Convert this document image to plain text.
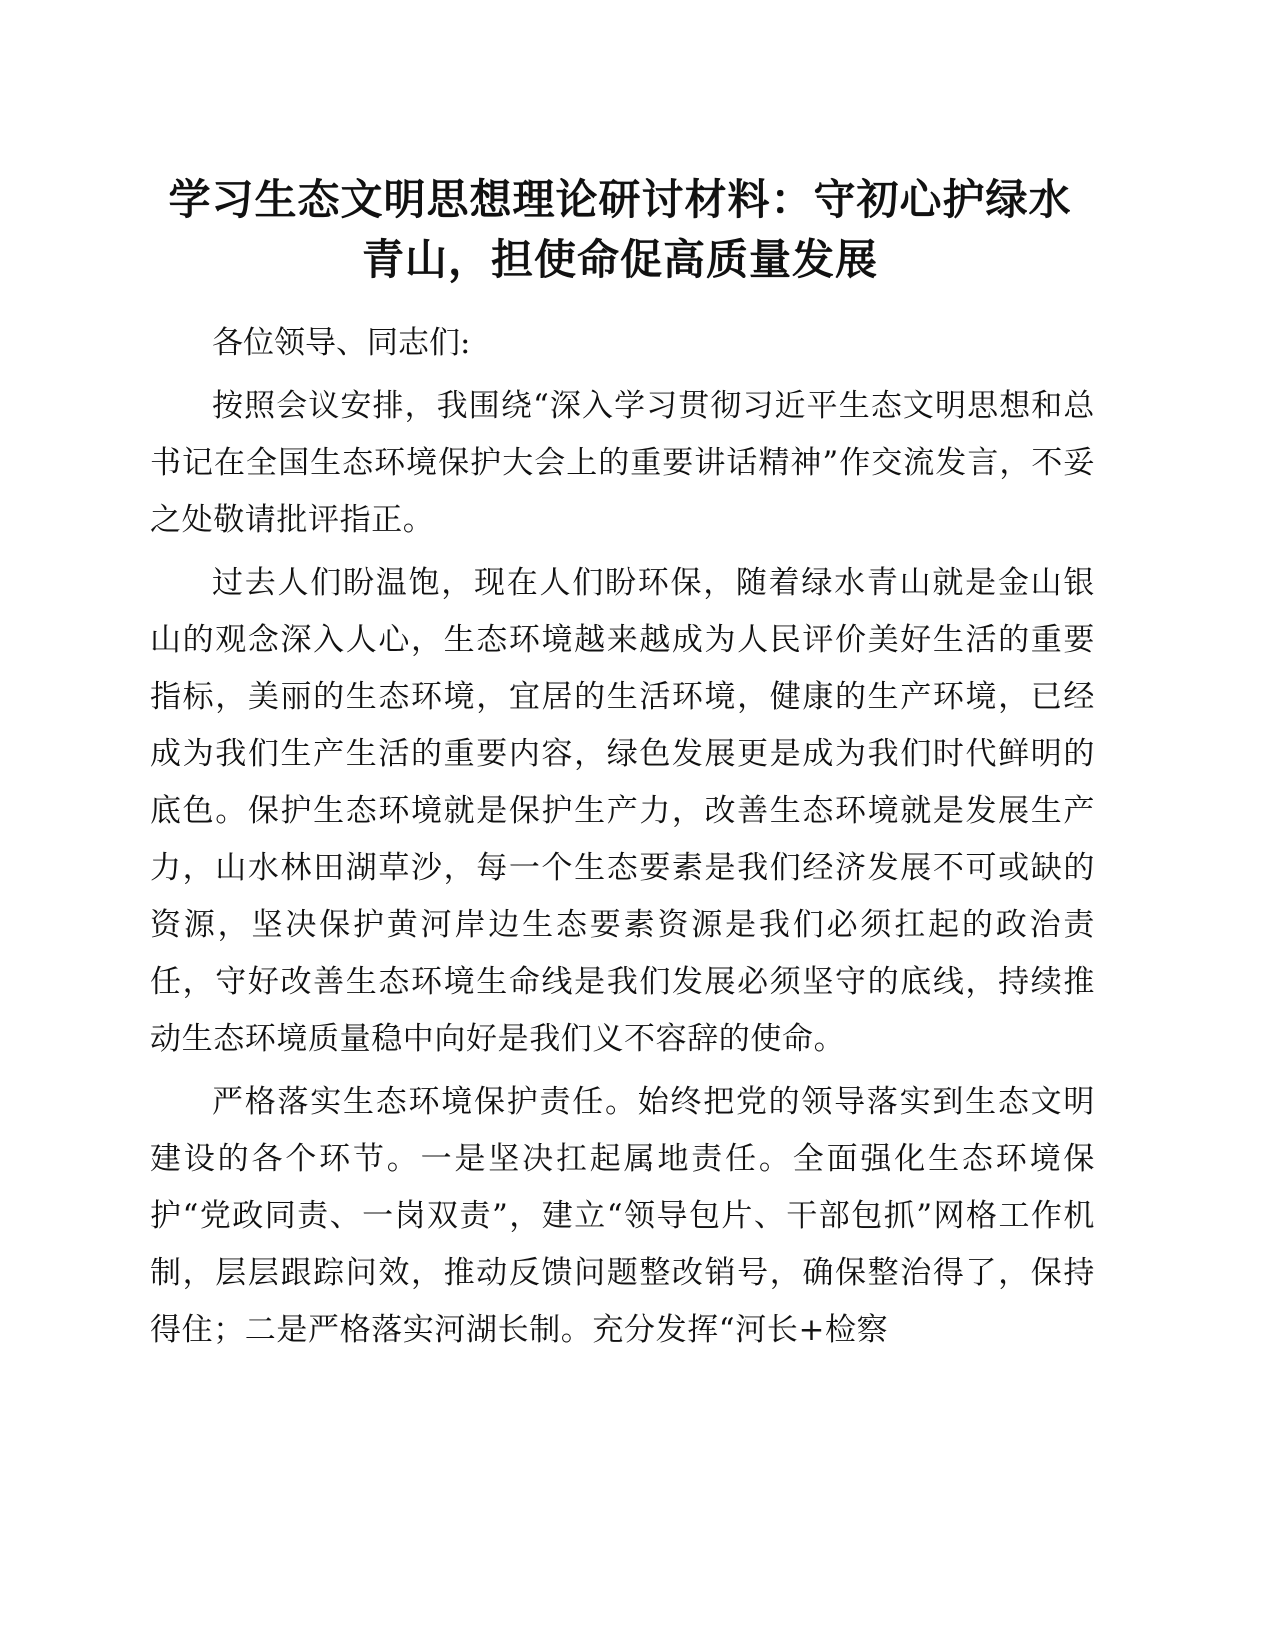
学习生态文明思想理论研讨材料：守初心护绿水青山，担使命促高质量发展

各位领导、同志们:

按照会议安排，我围绕“深入学习贯彻习近平生态文明思想和总书记在全国生态环境保护大会上的重要讲话精神”作交流发言，不妥之处敬请批评指正。

过去人们盼温饱，现在人们盼环保，随着绿水青山就是金山银山的观念深入人心，生态环境越来越成为人民评价美好生活的重要指标，美丽的生态环境，宜居的生活环境，健康的生产环境，已经成为我们生产生活的重要内容，绿色发展更是成为我们时代鲜明的底色。保护生态环境就是保护生产力，改善生态环境就是发展生产力，山水林田湖草沙，每一个生态要素是我们经济发展不可或缺的资源，坚决保护黄河岸边生态要素资源是我们必须扛起的政治责任，守好改善生态环境生命线是我们发展必须坚守的底线，持续推动生态环境质量稳中向好是我们义不容辞的使命。

严格落实生态环境保护责任。始终把党的领导落实到生态文明建设的各个环节。一是坚决扛起属地责任。全面强化生态环境保护“党政同责、一岗双责”，建立“领导包片、干部包抓”网格工作机制，层层跟踪问效，推动反馈问题整改销号，确保整治得了，保持得住；二是严格落实河湖长制。充分发挥“河长+检察
